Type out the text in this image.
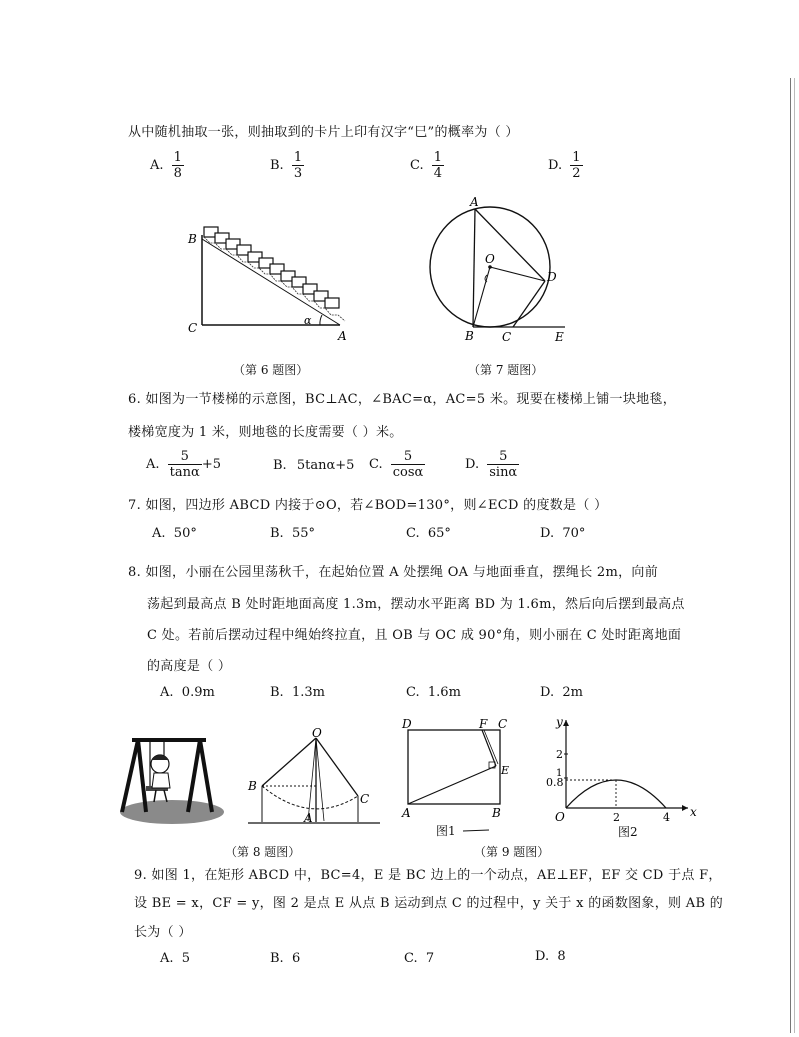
从中随机抽取一张，则抽取到的卡片上印有汉字“巳”的概率为（ ）
A. $\frac{1}{8}$	B. $\frac{1}{3}$	C. $\frac{1}{4}$	D. $\frac{1}{2}$
B
C
A
α
（第 6 题图）
A
O
D
B C	E
（第 7 题图）
6. 如图为一节楼梯的示意图，BC⊥AC，∠BAC=α，AC=5 米。现要在楼梯上铺一块地毯，
楼梯宽度为 1 米，则地毯的长度需要（ ）米。
A. $\frac{5}{\tan\alpha} +5$	B. 5tanα+5 C. $\frac{5}{\cos\alpha}$	D. $\frac{5}{\sin\alpha}$
7. 如图，四边形 ABCD 内接于⊙O，若∠BOD=130°，则∠ECD 的度数是（ ）
A. 50°	B. 55°	C. 65°	D. 70°
8. 如图，小丽在公园里荡秋千，在起始位置 A 处摆绳 OA 与地面垂直，摆绳长 2m，向前
荡起到最高点 B 处时距地面高度 1.3m，摆动水平距离 BD 为 1.6m，然后向后摆到最高点
C 处。若前后摆动过程中绳始终拉直，且 OB 与 OC 成 90°角，则小丽在 C 处时距离地面
的高度是（ ）
A. 0.9m	B. 1.3m	C. 1.6m	D. 2m
O
B
C
A
（第 8 题图）
D	F C
E
A	B
图1
y
x
O
2
1
0.8
2	4
图2
（第 9 题图）
9. 如图 1，在矩形 ABCD 中，BC=4，E 是 BC 边上的一个动点，AE⊥EF，EF 交 CD 于点 F，
设 BE = x，CF = y，图 2 是点 E 从点 B 运动到点 C 的过程中，y 关于 x 的函数图象，则 AB 的
长为（ ）
A. 5	B. 6	C. 7	D. 8
